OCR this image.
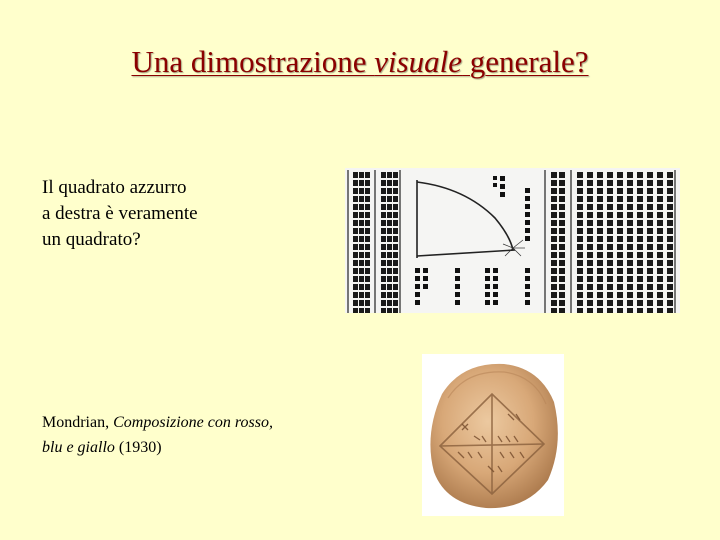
Una dimostrazione visuale generale?
Il quadrato azzurro
a destra è veramente
un quadrato?
Mondrian, Composizione con rosso,
blu e giallo (1930)
